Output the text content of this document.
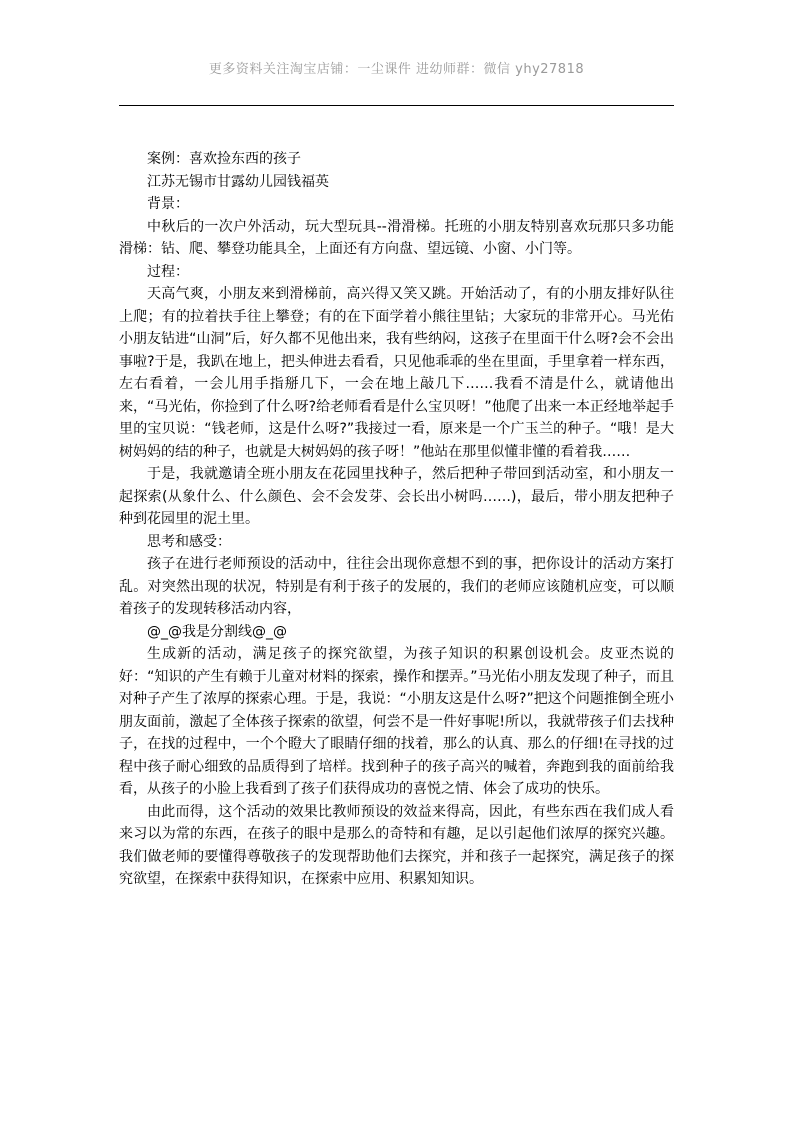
更多资料关注淘宝店铺：一尘课件 进幼师群：微信 yhy27818

案例：喜欢捡东西的孩子

江苏无锡市甘露幼儿园钱福英

背景：

中秋后的一次户外活动，玩大型玩具--滑滑梯。托班的小朋友特别喜欢玩那只多功能滑梯：钻、爬、攀登功能具全，上面还有方向盘、望远镜、小窗、小门等。

过程：

天高气爽，小朋友来到滑梯前，高兴得又笑又跳。开始活动了，有的小朋友排好队往上爬；有的拉着扶手往上攀登；有的在下面学着小熊往里钻；大家玩的非常开心。马光佑小朋友钻进“山洞”后，好久都不见他出来，我有些纳闷，这孩子在里面干什么呀?会不会出事啦?于是，我趴在地上，把头伸进去看看，只见他乖乖的坐在里面，手里拿着一样东西，左右看着，一会儿用手指掰几下，一会在地上敲几下……我看不清是什么，就请他出来，“马光佑，你捡到了什么呀?给老师看看是什么宝贝呀！”他爬了出来一本正经地举起手里的宝贝说：“钱老师，这是什么呀?”我接过一看，原来是一个广玉兰的种子。“哦！是大树妈妈的结的种子，也就是大树妈妈的孩子呀！”他站在那里似懂非懂的看着我……

于是，我就邀请全班小朋友在花园里找种子，然后把种子带回到活动室，和小朋友一起探索(从象什么、什么颜色、会不会发芽、会长出小树吗……)，最后，带小朋友把种子种到花园里的泥土里。

思考和感受：

孩子在进行老师预设的活动中，往往会出现你意想不到的事，把你设计的活动方案打乱。对突然出现的状况，特别是有利于孩子的发展的，我们的老师应该随机应变，可以顺着孩子的发现转移活动内容，

@_@我是分割线@_@

生成新的活动，满足孩子的探究欲望，为孩子知识的积累创设机会。皮亚杰说的好：“知识的产生有赖于儿童对材料的探索，操作和摆弄。”马光佑小朋友发现了种子，而且对种子产生了浓厚的探索心理。于是，我说：“小朋友这是什么呀?”把这个问题推倒全班小朋友面前，激起了全体孩子探索的欲望，何尝不是一件好事呢!所以，我就带孩子们去找种子，在找的过程中，一个个瞪大了眼睛仔细的找着，那么的认真、那么的仔细!在寻找的过程中孩子耐心细致的品质得到了培样。找到种子的孩子高兴的喊着，奔跑到我的面前给我看，从孩子的小脸上我看到了孩子们获得成功的喜悦之情、体会了成功的快乐。

由此而得，这个活动的效果比教师预设的效益来得高，因此，有些东西在我们成人看来习以为常的东西，在孩子的眼中是那么的奇特和有趣，足以引起他们浓厚的探究兴趣。我们做老师的要懂得尊敬孩子的发现帮助他们去探究，并和孩子一起探究，满足孩子的探究欲望，在探索中获得知识，在探索中应用、积累知知识。
